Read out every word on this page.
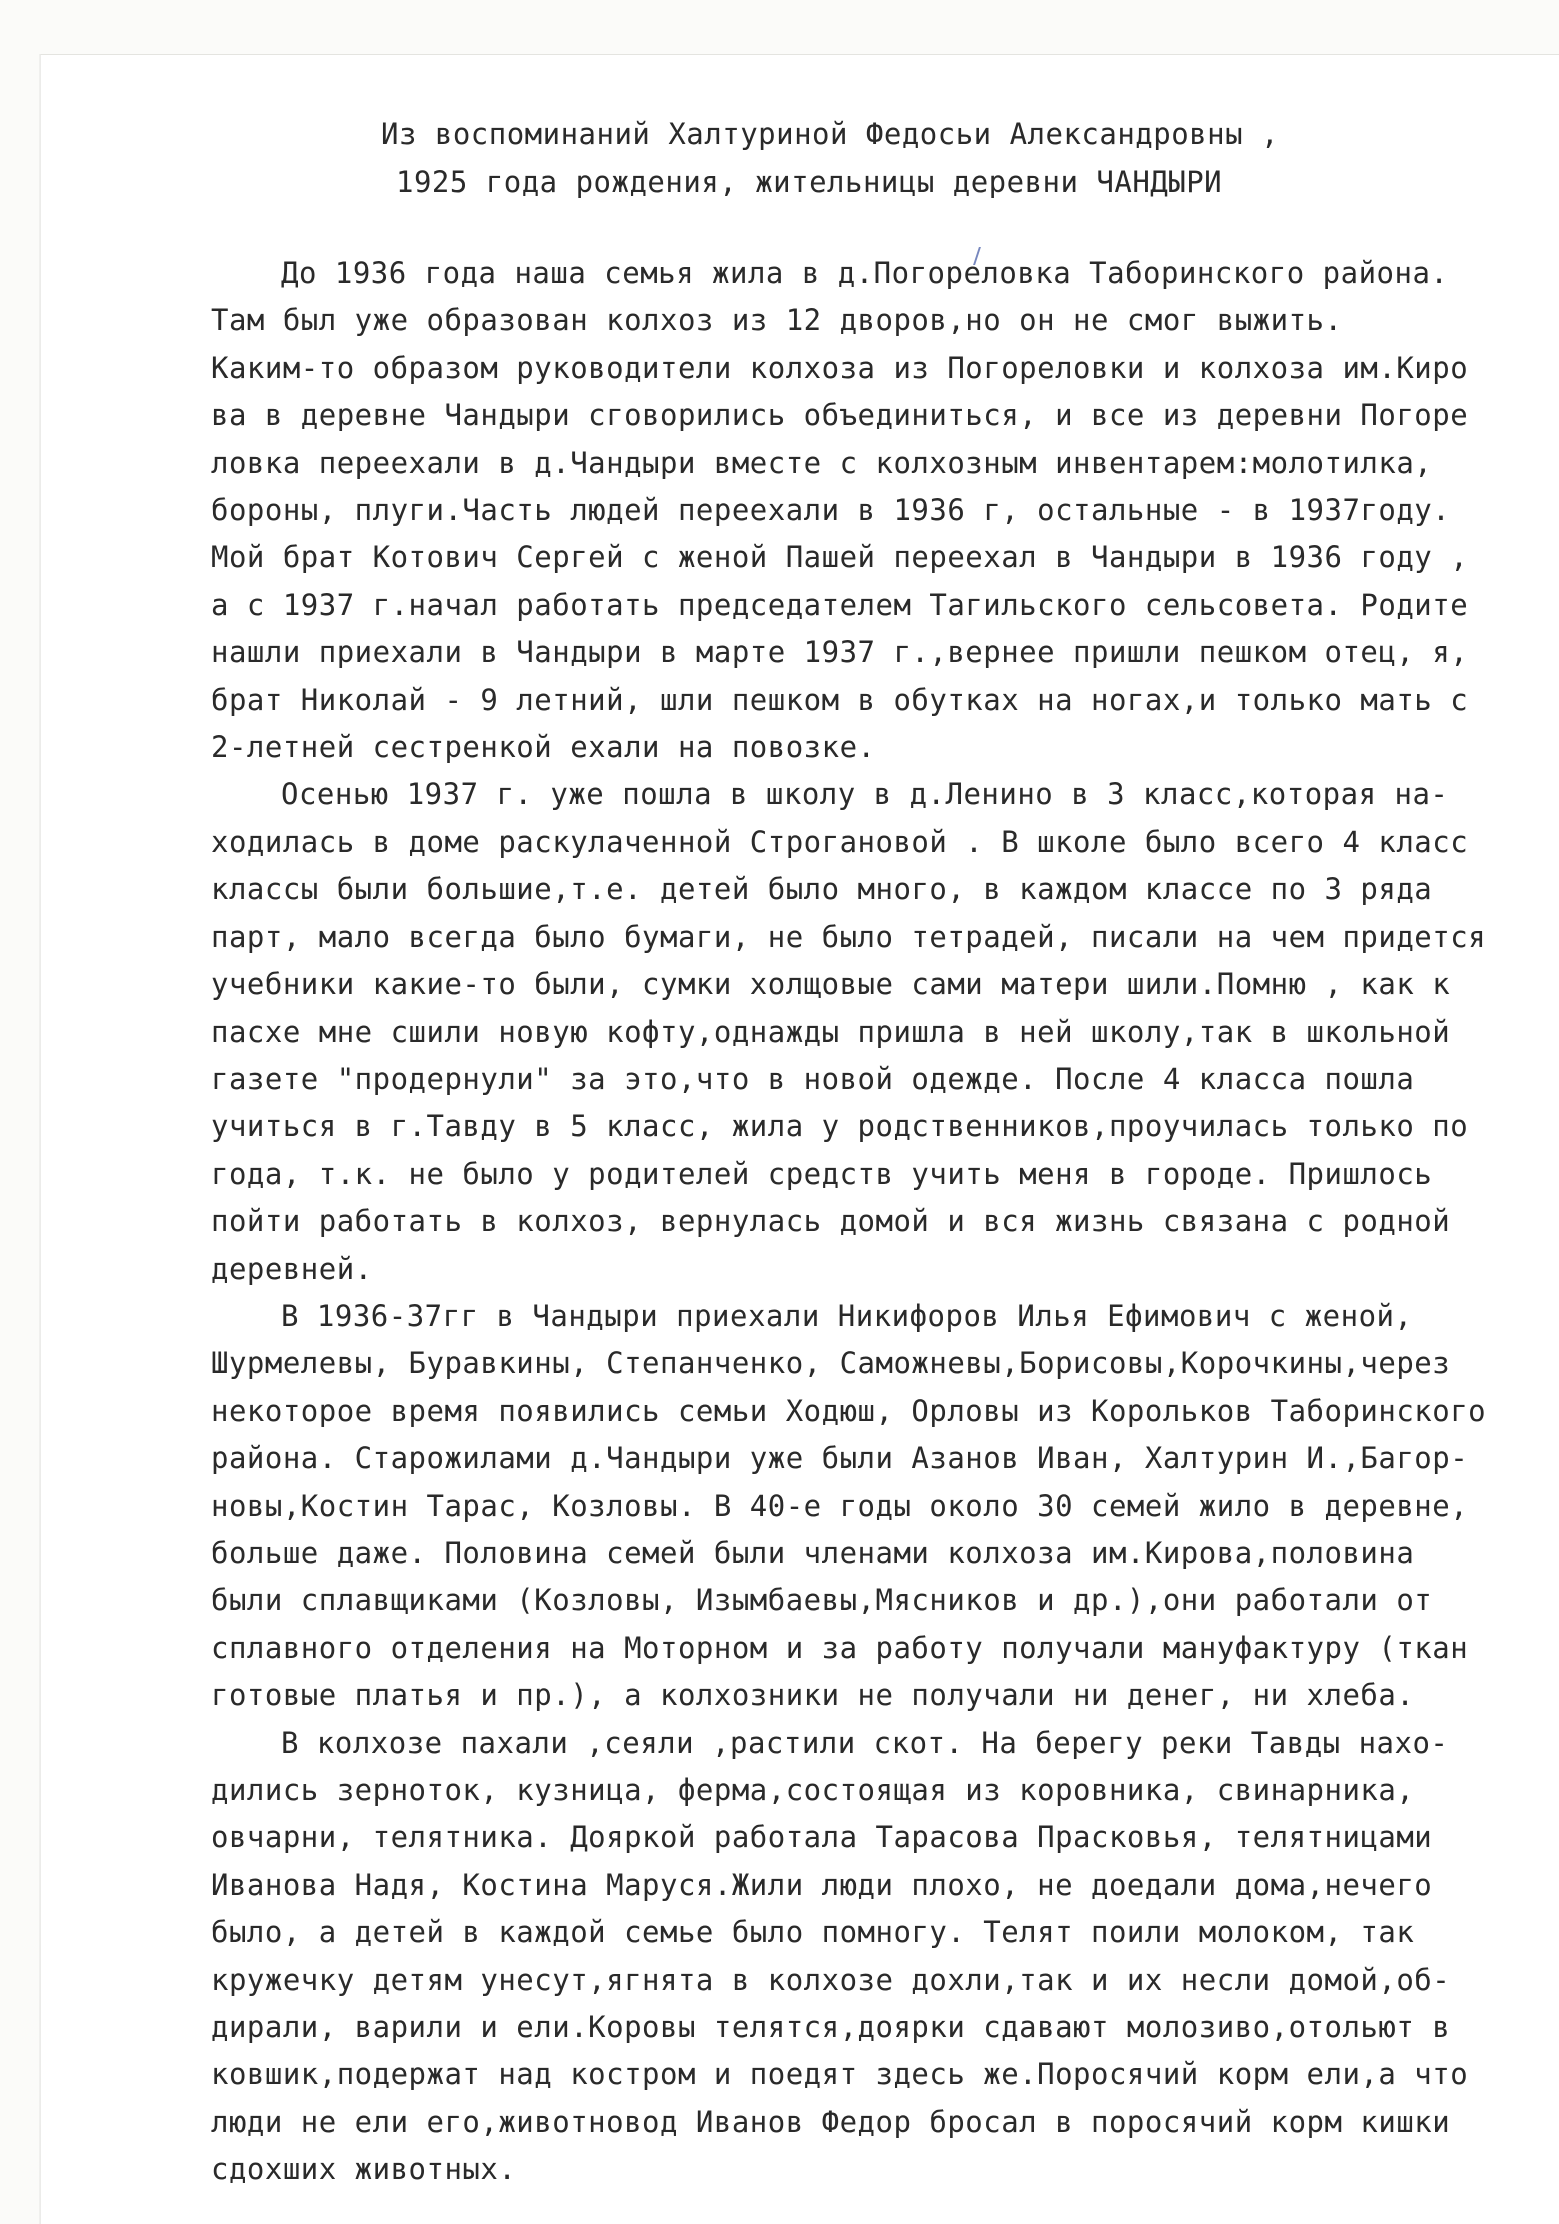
Из воспоминаний Халтуриной Федосьи Александровны ,
1925 года рождения, жительницы деревни ЧАНДЫРИ
До 1936 года наша семья жила в д.Погореловка Таборинского района.
Там был уже образован колхоз из 12 дворов,но он не смог выжить.
Каким-то образом руководители колхоза из Погореловки и колхоза им.Киро
ва в деревне Чандыри сговорились объединиться, и все из деревни Погоре
ловка переехали в д.Чандыри вместе с колхозным инвентарем:молотилка,
бороны, плуги.Часть людей переехали в 1936 г, остальные - в 1937году.
Мой брат Котович Сергей с женой Пашей переехал в Чандыри в 1936 году ,
а с 1937 г.начал работать председателем Тагильского сельсовета. Родите
нашли приехали в Чандыри в марте 1937 г.,вернее пришли пешком отец, я,
брат Николай - 9 летний, шли пешком в обутках на ногах,и только мать с
2-летней сестренкой ехали на повозке.
Осенью 1937 г. уже пошла в школу в д.Ленино в 3 класс,которая на-
ходилась в доме раскулаченной Строгановой . В школе было всего 4 класс
классы были большие,т.е. детей было много, в каждом классе по 3 ряда
парт, мало всегда было бумаги, не было тетрадей, писали на чем придется
учебники какие-то были, сумки холщовые сами матери шили.Помню , как к
пасхе мне сшили новую кофту,однажды пришла в ней школу,так в школьной
газете "продернули" за это,что в новой одежде. После 4 класса пошла
учиться в г.Тавду в 5 класс, жила у родственников,проучилась только по
года, т.к. не было у родителей средств учить меня в городе. Пришлось
пойти работать в колхоз, вернулась домой и вся жизнь связана с родной
деревней.
В 1936-37гг в Чандыри приехали Никифоров Илья Ефимович с женой,
Шурмелевы, Буравкины, Степанченко, Саможневы,Борисовы,Корочкины,через
некоторое время появились семьи Ходюш, Орловы из Корольков Таборинского
района. Старожилами д.Чандыри уже были Азанов Иван, Халтурин И.,Багор-
новы,Костин Тарас, Козловы. В 40-е годы около 30 семей жило в деревне,
больше даже. Половина семей были членами колхоза им.Кирова,половина
были сплавщиками (Козловы, Изымбаевы,Мясников и др.),они работали от
сплавного отделения на Моторном и за работу получали мануфактуру (ткан
готовые платья и пр.), а колхозники не получали ни денег, ни хлеба.
В колхозе пахали ,сеяли ,растили скот. На берегу реки Тавды нахо-
дились зерноток, кузница, ферма,состоящая из коровника, свинарника,
овчарни, телятника. Дояркой работала Тарасова Прасковья, телятницами
Иванова Надя, Костина Маруся.Жили люди плохо, не доедали дома,нечего
было, а детей в каждой семье было помногу. Телят поили молоком, так
кружечку детям унесут,ягнята в колхозе дохли,так и их несли домой,об-
дирали, варили и ели.Коровы телятся,доярки сдавают молозиво,отольют в
ковшик,подержат над костром и поедят здесь же.Поросячий корм ели,а что
люди не ели его,животновод Иванов Федор бросал в поросячий корм кишки
сдохших животных.
